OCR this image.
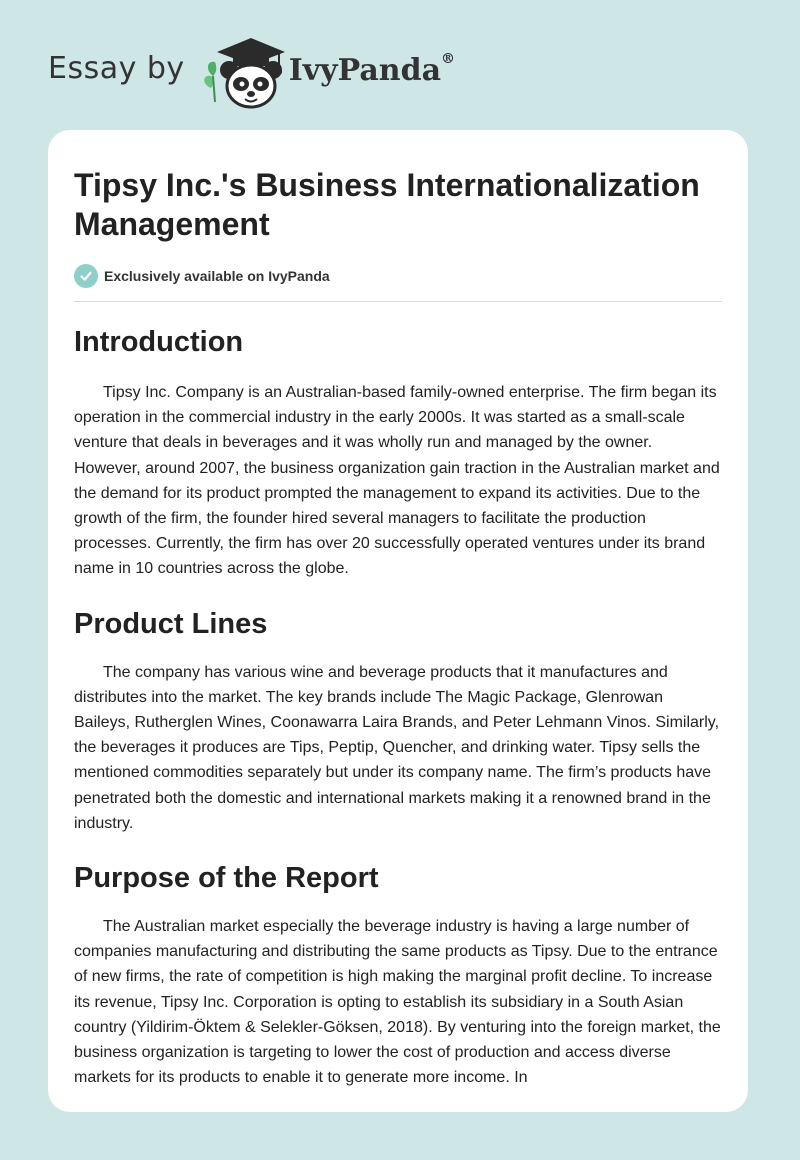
Essay by	IvyPanda®
Tipsy Inc.'s Business Internationalization Management
Exclusively available on IvyPanda
Introduction

Tipsy Inc. Company is an Australian-based family-owned enterprise. The firm began its operation in the commercial industry in the early 2000s. It was started as a small-scale venture that deals in beverages and it was wholly run and managed by the owner. However, around 2007, the business organization gain traction in the Australian market and the demand for its product prompted the management to expand its activities. Due to the growth of the firm, the founder hired several managers to facilitate the production processes. Currently, the firm has over 20 successfully operated ventures under its brand name in 10 countries across the globe.

Product Lines

The company has various wine and beverage products that it manufactures and distributes into the market. The key brands include The Magic Package, Glenrowan Baileys, Rutherglen Wines, Coonawarra Laira Brands, and Peter Lehmann Vinos. Similarly, the beverages it produces are Tips, Peptip, Quencher, and drinking water. Tipsy sells the mentioned commodities separately but under its company name. The firm’s products have penetrated both the domestic and international markets making it a renowned brand in the industry.

Purpose of the Report

The Australian market especially the beverage industry is having a large number of companies manufacturing and distributing the same products as Tipsy. Due to the entrance of new firms, the rate of competition is high making the marginal profit decline. To increase its revenue, Tipsy Inc. Corporation is opting to establish its subsidiary in a South Asian country (Yildirim-Öktem & Selekler-Göksen, 2018). By venturing into the foreign market, the business organization is targeting to lower the cost of production and access diverse markets for its products to enable it to generate more income. In
